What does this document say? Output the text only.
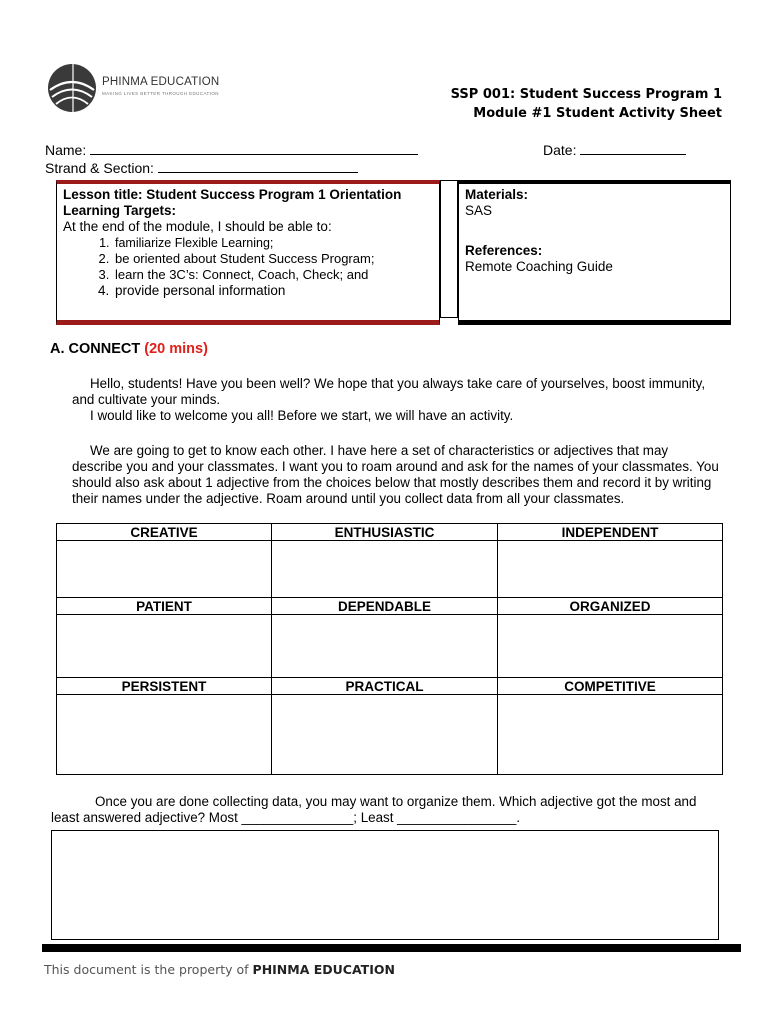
PHINMA EDUCATION
MAKING LIVES BETTER THROUGH EDUCATION	SSP 001: Student Success Program 1
Module #1 Student Activity Sheet
Name:	Date:
Strand & Section:
Lesson title: Student Success Program 1 Orientation
Learning Targets:
At the end of the module, I should be able to:
1. familiarize Flexible Learning;
2. be oriented about Student Success Program;
3. learn the 3C’s: Connect, Coach, Check; and
4. provide personal information
Materials:
SAS
References:
Remote Coaching Guide
A. CONNECT (20 mins)
Hello, students! Have you been well? We hope that you always take care of yourselves, boost immunity, and cultivate your minds.
I would like to welcome you all! Before we start, we will have an activity.
We are going to get to know each other. I have here a set of characteristics or adjectives that may describe you and your classmates. I want you to roam around and ask for the names of your classmates. You should also ask about 1 adjective from the choices below that mostly describes them and record it by writing their names under the adjective. Roam around until you collect data from all your classmates.
CREATIVE	ENTHUSIASTIC	INDEPENDENT

PATIENT	DEPENDABLE	ORGANIZED

PERSISTENT	PRACTICAL	COMPETITIVE

Once you are done collecting data, you may want to organize them. Which adjective got the most and least answered adjective? Most _______________; Least ________________.
This document is the property of PHINMA EDUCATION
